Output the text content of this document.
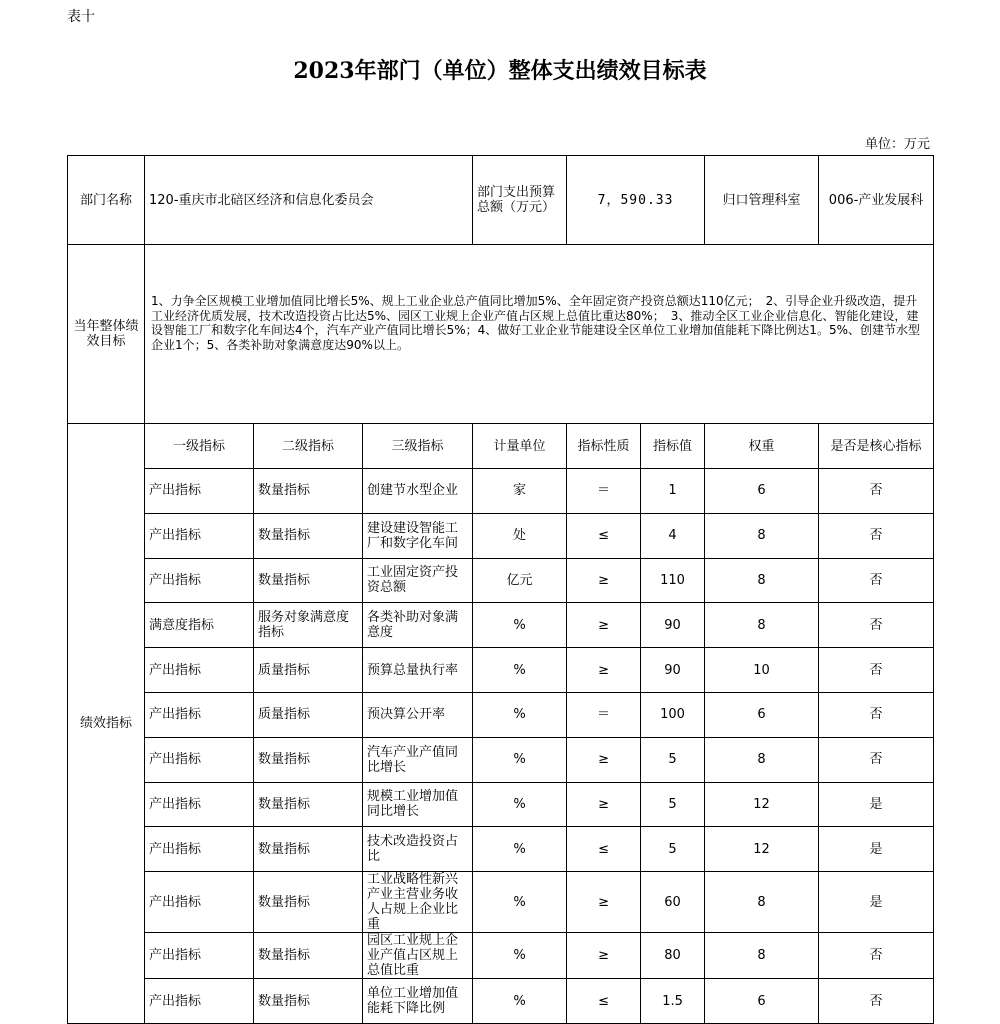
表十
2023年部门（单位）整体支出绩效目标表
单位：万元
部门名称	120-重庆市北碚区经济和信息化委员会			部门支出预算总额（万元）	7，590.33		归口管理科室	006-产业发展科
当年整体绩效目标	1、力争全区规模工业增加值同比增长5%、规上工业企业总产值同比增加5%、全年固定资产投资总额达110亿元；　2、引导企业升级改造，提升工业经济优质发展，技术改造投资占比达5%、园区工业规上企业产值占区规上总值比重达80%；　3、推动全区工业企业信息化、智能化建设，建设智能工厂和数字化车间达4个，汽车产业产值同比增长5%；4、做好工业企业节能建设全区单位工业增加值能耗下降比例达1。5%、创建节水型企业1个；5、各类补助对象满意度达90%以上。							
绩效指标	一级指标	二级指标	三级指标	计量单位	指标性质	指标值	权重	是否是核心指标
	产出指标	数量指标	创建节水型企业	家	＝	1	6	否
	产出指标	数量指标	建设建设智能工厂和数字化车间	处	≤	4	8	否
	产出指标	数量指标	工业固定资产投资总额	亿元	≥	110	8	否
	满意度指标	服务对象满意度指标	各类补助对象满意度	%	≥	90	8	否
	产出指标	质量指标	预算总量执行率	%	≥	90	10	否
	产出指标	质量指标	预决算公开率	%	＝	100	6	否
	产出指标	数量指标	汽车产业产值同比增长	%	≥	5	8	否
	产出指标	数量指标	规模工业增加值同比增长	%	≥	5	12	是
	产出指标	数量指标	技术改造投资占比	%	≤	5	12	是
	产出指标	数量指标	工业战略性新兴产业主营业务收人占规上企业比重	%	≥	60	8	是
	产出指标	数量指标	园区工业规上企业产值占区规上总值比重	%	≥	80	8	否
	产出指标	数量指标	单位工业增加值能耗下降比例	%	≤	1.5	6	否
